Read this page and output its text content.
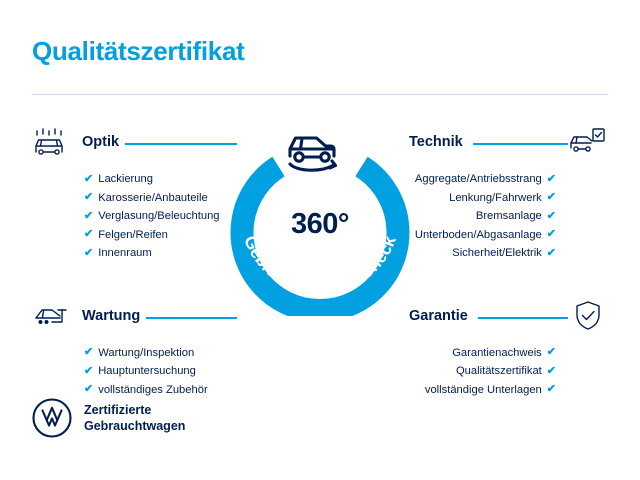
Qualitätszertifikat
Optik
✔ Lackierung
✔ Karosserie/Anbauteile
✔ Verglasung/Beleuchtung
✔ Felgen/Reifen
✔ Innenraum
Wartung
✔ Wartung/Inspektion
✔ Hauptuntersuchung
✔ vollständiges Zubehör
Technik
✔
Aggregate/Antriebsstrang
✔
Lenkung/Fahrwerk
✔
Bremsanlage
✔
Unterboden/Abgasanlage
✔
Sicherheit/Elektrik
Garantie
✔
Garantienachweis
✔
Qualitätszertifikat
✔
vollständige Unterlagen
Gebrauchtwagen-Check
360°
Zertifizierte
Gebrauchtwagen
